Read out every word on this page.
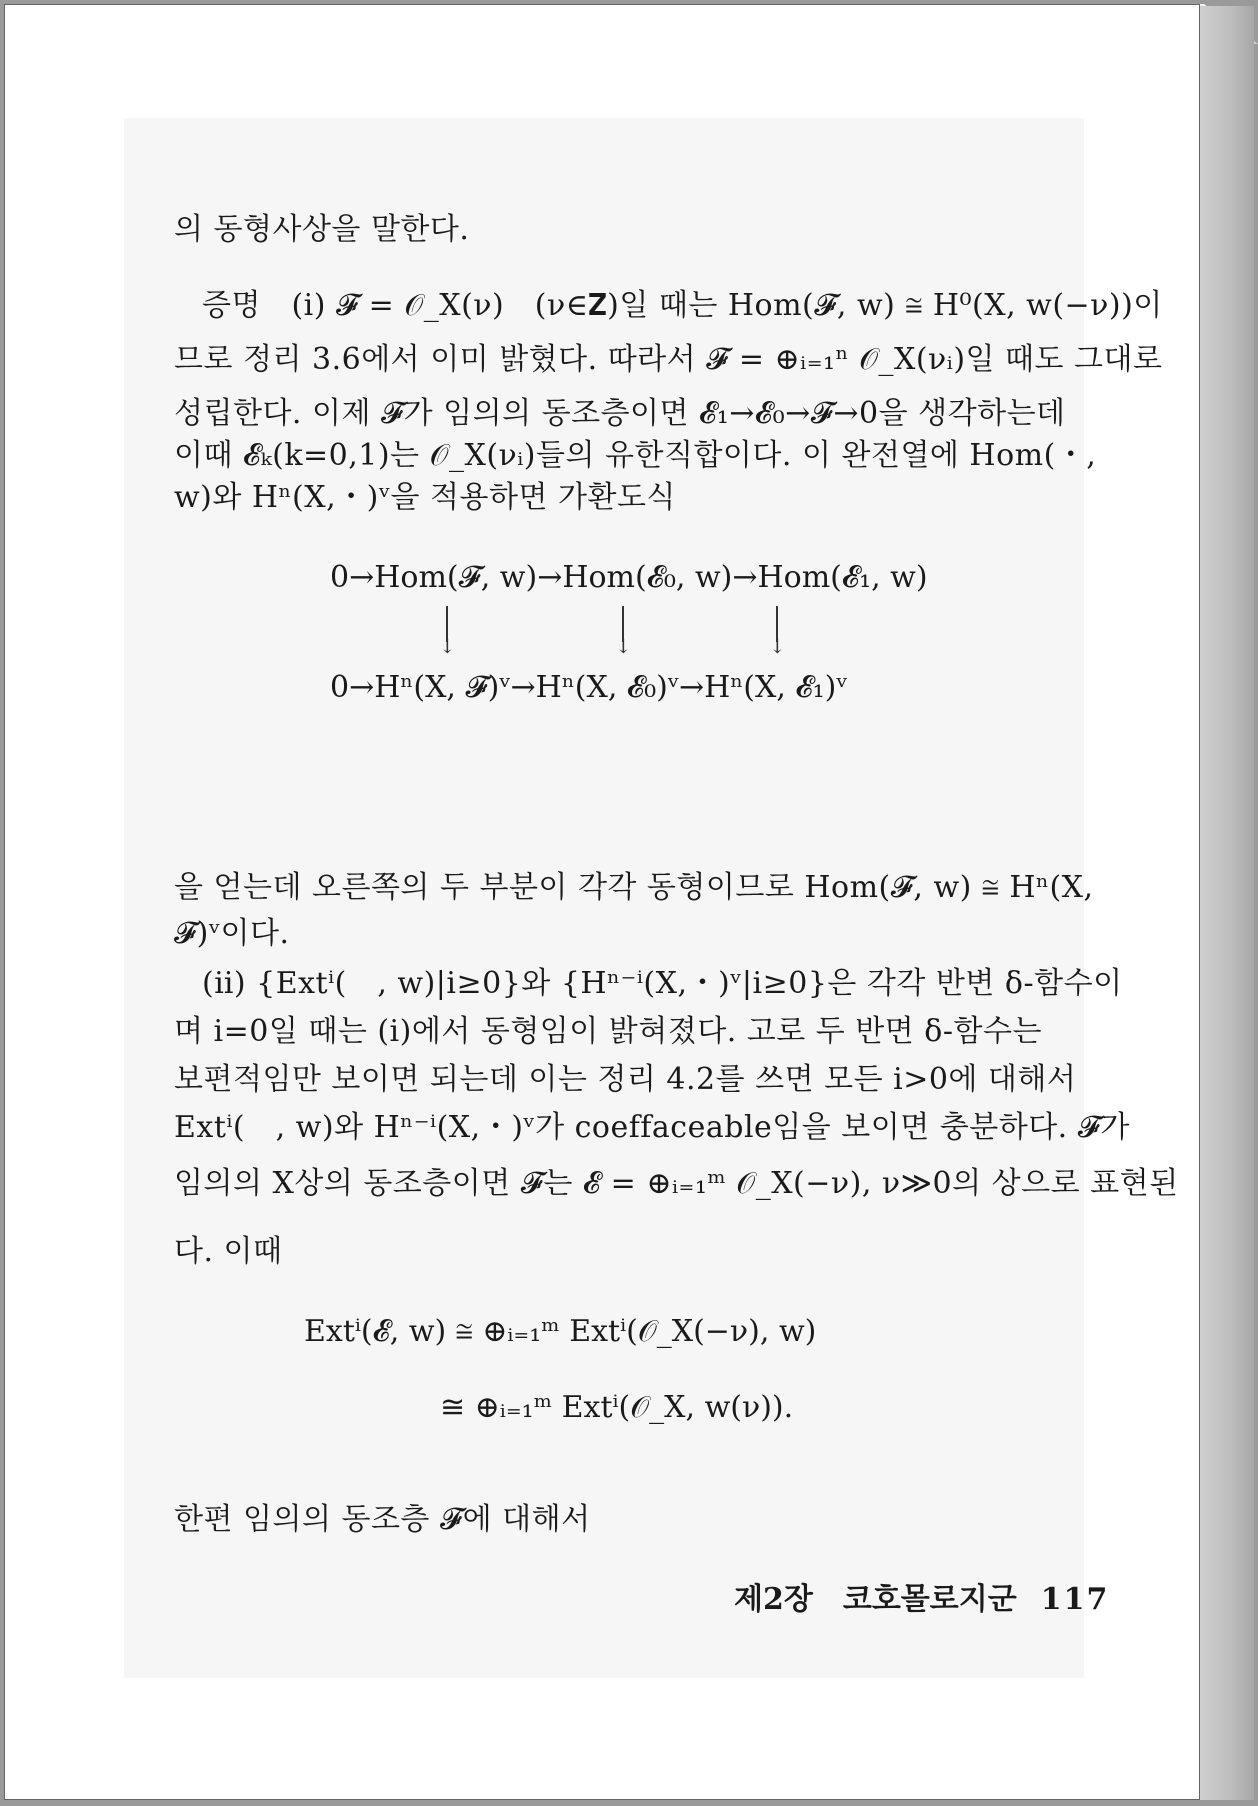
의 동형사상을 말한다.
증명　(ⅰ) 𝓕 = 𝒪_X(ν)　(ν∈𝐙)일 때는 Hom(𝓕, w) ≅ H⁰(X, w(−ν))이
므로 정리 3.6에서 이미 밝혔다. 따라서 𝓕 = ⊕ᵢ₌₁ⁿ 𝒪_X(νᵢ)일 때도 그대로
성립한다. 이제 𝓕가 임의의 동조층이면 𝓔₁→𝓔₀→𝓕→0을 생각하는데
이때 𝓔ₖ(k=0,1)는 𝒪_X(νᵢ)들의 유한직합이다. 이 완전열에 Hom(・,
w)와 Hⁿ(X,・)ᵛ을 적용하면 가환도식
0→Hom(𝓕, w)→Hom(𝓔₀, w)→Hom(𝓔₁, w)
↓	↓	↓
0→Hⁿ(X, 𝓕)ᵛ→Hⁿ(X, 𝓔₀)ᵛ→Hⁿ(X, 𝓔₁)ᵛ
을 얻는데 오른쪽의 두 부분이 각각 동형이므로 Hom(𝓕, w) ≅ Hⁿ(X,
𝓕)ᵛ이다.
(ⅱ) {Extⁱ(　, w)|i≥0}와 {Hⁿ⁻ⁱ(X,・)ᵛ|i≥0}은 각각 반변 δ-함수이
며 i=0일 때는 (ⅰ)에서 동형임이 밝혀졌다. 고로 두 반면 δ-함수는
보편적임만 보이면 되는데 이는 정리 4.2를 쓰면 모든 i>0에 대해서
Extⁱ(　, w)와 Hⁿ⁻ⁱ(X,・)ᵛ가 coeffaceable임을 보이면 충분하다. 𝓕가
임의의 X상의 동조층이면 𝓕는 𝓔 = ⊕ᵢ₌₁ᵐ 𝒪_X(−ν), ν≫0의 상으로 표현된
다. 이때
Extⁱ(𝓔, w) ≅ ⊕ᵢ₌₁ᵐ Extⁱ(𝒪_X(−ν), w)
≅ ⊕ᵢ₌₁ᵐ Extⁱ(𝒪_X, w(ν)).
한편 임의의 동조층 𝓕에 대해서
제2장　코호몰로지군 117
